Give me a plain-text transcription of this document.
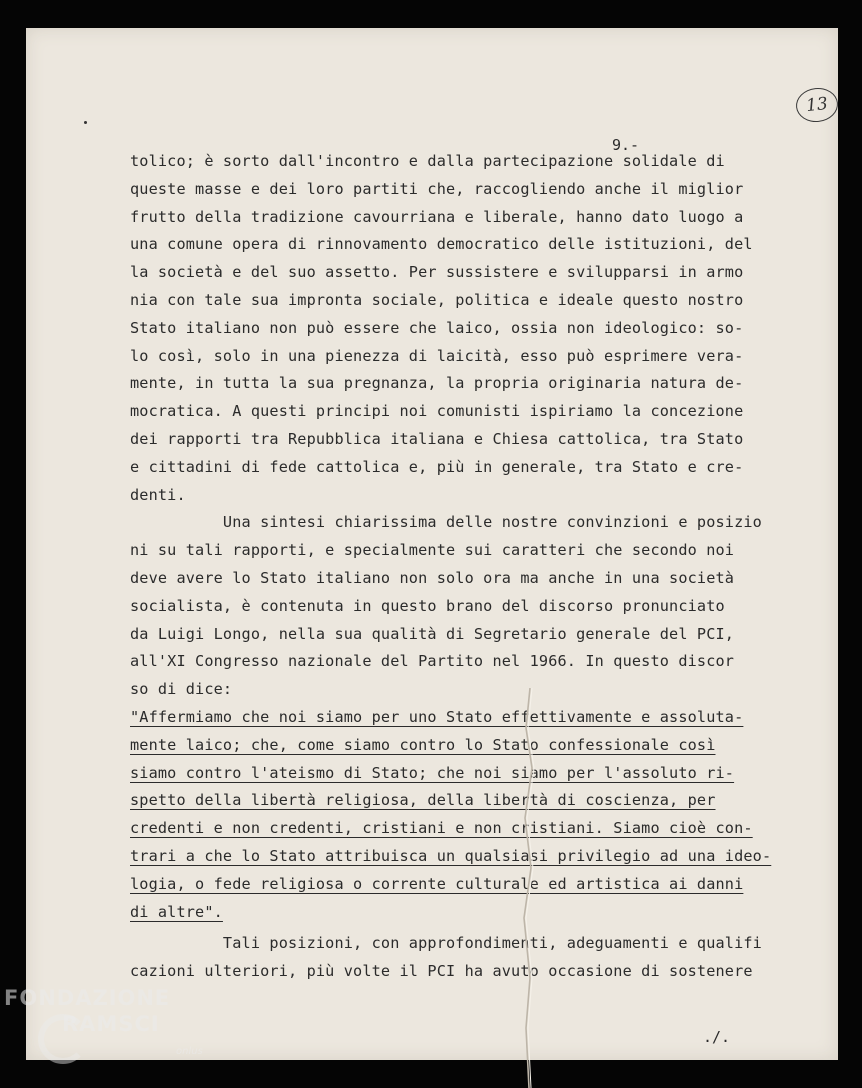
13
9.-
tolico; è sorto dall'incontro e dalla partecipazione solidale di
queste masse e dei loro partiti che, raccogliendo anche il miglior
frutto della tradizione cavourriana e liberale, hanno dato luogo a
una comune opera di rinnovamento democratico delle istituzioni, del
la società e del suo assetto. Per sussistere e svilupparsi in armo
nia con tale sua impronta sociale, politica e ideale questo nostro
Stato italiano non può essere che laico, ossia non ideologico: so-
lo così, solo in una pienezza di laicità, esso può esprimere vera-
mente, in tutta la sua pregnanza, la propria originaria natura de-
mocratica. A questi principi noi comunisti ispiriamo la concezione
dei rapporti tra Repubblica italiana e Chiesa cattolica, tra Stato
e cittadini di fede cattolica e, più in generale, tra Stato e cre-
denti.
Una sintesi chiarissima delle nostre convinzioni e posizio
ni su tali rapporti, e specialmente sui caratteri che secondo noi
deve avere lo Stato italiano non solo ora ma anche in una società
socialista, è contenuta in questo brano del discorso pronunciato
da Luigi Longo, nella sua qualità di Segretario generale del PCI,
all'XI Congresso nazionale del Partito nel 1966. In questo discor
so di dice:
"Affermiamo che noi siamo per uno Stato effettivamente e assoluta-
mente laico; che, come siamo contro lo Stato confessionale così
siamo contro l'ateismo di Stato; che noi siamo per l'assoluto ri-
spetto della libertà religiosa, della libertà di coscienza, per
credenti e non credenti, cristiani e non cristiani. Siamo cioè con-
trari a che lo Stato attribuisca un qualsiasi privilegio ad una ideo-
logia, o fede religiosa o corrente culturale ed artistica ai danni
di altre".
Tali posizioni, con approfondimenti, adeguamenti e qualifi
cazioni ulteriori, più volte il PCI ha avuto occasione di sostenere
./.
FONDAZIONE
RAMSCI
onlus
